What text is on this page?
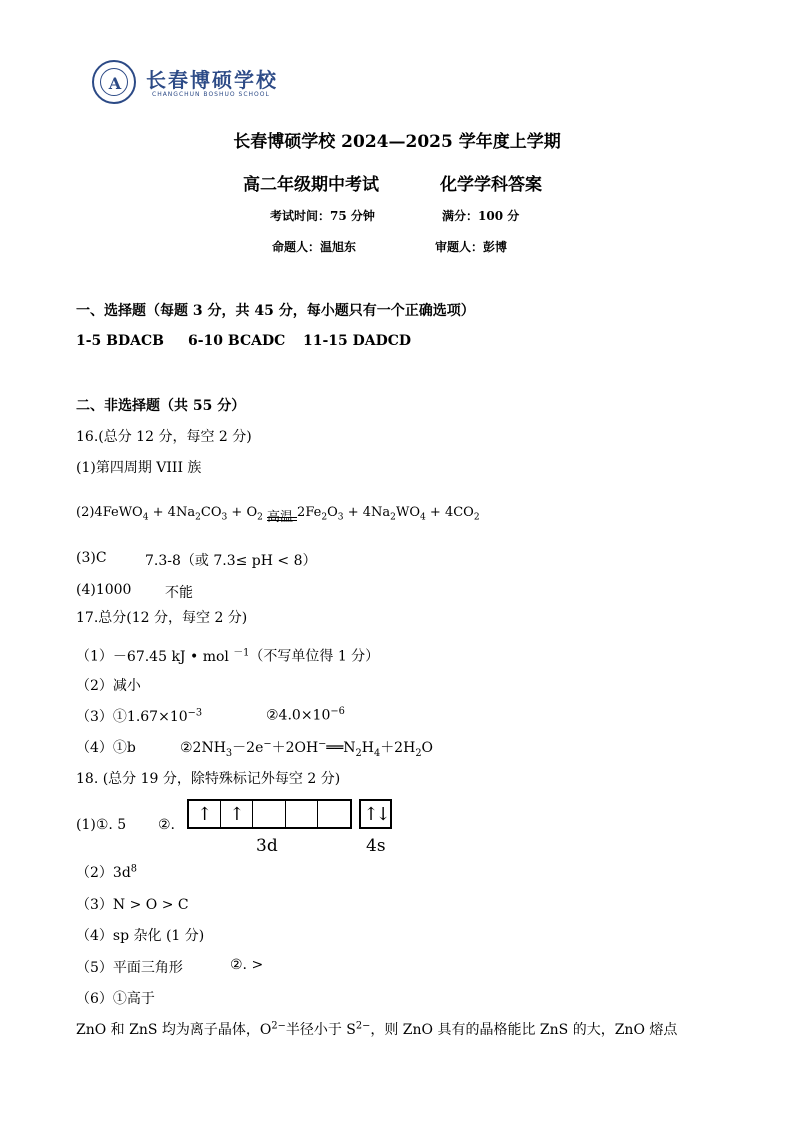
A	长春博硕学校
CHANGCHUN BOSHUO SCHOOL
长春博硕学校 2024—2025 学年度上学期
高二年级期中考试	化学学科答案
考试时间：75 分钟	满分：100 分
命题人：温旭东	审题人：彭博
一、选择题（每题 3 分，共 45 分，每小题只有一个正确选项）
1-5 BDACB 6-10 BCADC 11-15 DADCD
二、非选择题（共 55 分）
16.(总分 12 分，每空 2 分)
(1)第四周期 VIII 族
(2)4FeWO$_4$ + $4Na_2CO_3 + O_2$ 高温 $2Fe_2O_3 + 4Na_2WO_4 + 4CO_2$
(3)C	7.3-8（或 7.3≤ pH < 8）
(4)1000 不能
17.总分(12 分，每空 2 分)
（1）－67.45 kJ • mol $^{-1}$（不写单位得 1 分）
（2）减小
$(3)①1.67\times 10^{-3}$	$②4.0\times 10^{-6}$
（4）①b	$②2NH_3-2e^-+2OH^-══N_2H_4+2H_2O$
18. (总分 19 分，除特殊标记外每空 2 分)
(1)①. 5 ②.
↑ ↑	↑↓
3d	4s
$(2)3d^8$
（3）N > O > C
（4）sp 杂化 (1 分)
（5）平面三角形	②. >
（6）①高于
ZnO 和 ZnS 均为离子晶体，$O^{2-}$半径小于 $S^{2-}$，则 ZnO 具有的晶格能比 ZnS 的大，ZnO 熔点
